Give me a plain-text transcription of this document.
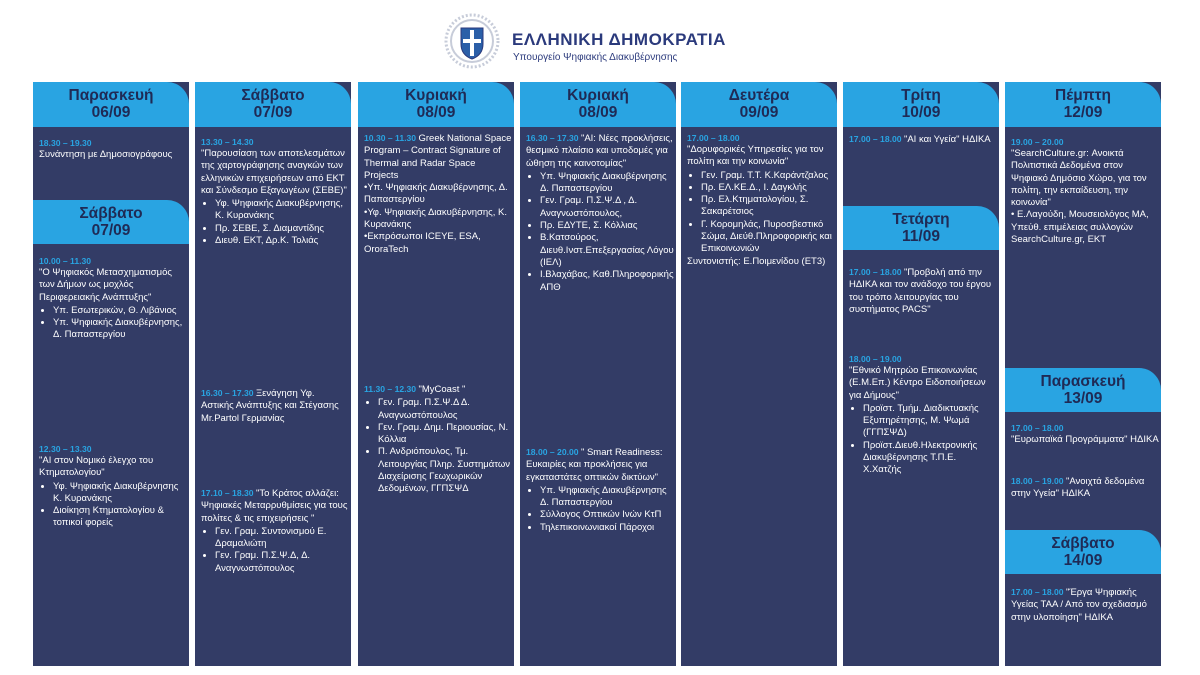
ΕΛΛΗΝΙΚΗ ΔΗΜΟΚΡΑΤΙΑ
Υπουργείο Ψηφιακής Διακυβέρνησης
Παρασκευή
06/09
18.30 – 19.30
Συνάντηση με Δημοσιογράφους
Σάββατο
07/09
10.00 – 11.30
"Ο Ψηφιακός Μετασχηματισμός των Δήμων ως μοχλός Περιφερειακής Ανάπτυξης"
• Υπ. Εσωτερικών, Θ. Λιβάνιος
• Υπ. Ψηφιακής Διακυβέρνησης, Δ. Παπαστεργίου
12.30 – 13.30
"AI στον Νομικό έλεγχο του Κτηματολογίου"
• Υφ. Ψηφιακής Διακυβέρνησης Κ. Κυρανάκης
• Διοίκηση Κτηματολογίου & τοπικοί φορείς
Σάββατο
07/09
13.30 – 14.30
"Παρουσίαση των αποτελεσμάτων της χαρτογράφησης αναγκών των ελληνικών επιχειρήσεων από ΕΚΤ και Σύνδεσμο Εξαγωγέων (ΣΕΒΕ)"
• Υφ. Ψηφιακής Διακυβέρνησης, Κ. Κυρανάκης
• Πρ. ΣΕΒΕ, Σ. Διαμαντίδης
• Διευθ. ΕΚΤ, Δρ.Κ. Τολιάς
16.30 – 17.30 Ξενάγηση Υφ. Αστικής Ανάπτυξης και Στέγασης Mr.Partol Γερμανίας
17.10 – 18.30 "Το Κράτος αλλάζει: Ψηφιακές Μεταρρυθμίσεις για τους πολίτες & τις επιχειρήσεις "
• Γεν. Γραμ. Συντονισμού Ε. Δραμαλιώτη
• Γεν. Γραμ. Π.Σ.Ψ.Δ, Δ. Αναγνωστόπουλος
Κυριακή
08/09
10.30 – 11.30 Greek National Space Program – Contract Signature of Thermal and Radar Space Projects
•Υπ. Ψηφιακής Διακυβέρνησης, Δ. Παπαστεργίου
•Υφ. Ψηφιακής Διακυβέρνησης, Κ. Κυρανάκης
•Εκπρόσωποι ICEYE, ESA, OroraTech
11.30 – 12.30 "MyCoast "
• Γεν. Γραμ. Π.Σ.Ψ.Δ Δ. Αναγνωστόπουλος
• Γεν. Γραμ. Δημ. Περιουσίας, Ν. Κόλλια
• Π. Ανδριόπουλος, Τμ. Λειτουργίας Πληρ. Συστημάτων Διαχείρισης Γεωχωρικών Δεδομένων, ΓΓΠΣΨΔ
Κυριακή
08/09
16.30 – 17.30 "AI: Νέες προκλήσεις, θεσμικό πλαίσιο και υποδομές για ώθηση της καινοτομίας"
• Υπ. Ψηφιακής Διακυβέρνησης Δ. Παπαστεργίου
• Γεν. Γραμ. Π.Σ.Ψ.Δ , Δ. Αναγνωστόπουλος,
• Πρ. ΕΔΥΤΕ, Σ. Κόλλιας
• Β.Κατσούρος, Διευθ.Ινστ.Επεξεργασίας Λόγου (ΙΕΛ)
• Ι.Βλαχάβας, Καθ.Πληροφορικής ΑΠΘ
18.00 – 20.00 " Smart Readiness: Ευκαιρίες και προκλήσεις για εγκαταστάτες οπτικών δικτύων"
• Υπ. Ψηφιακής Διακυβέρνησης Δ. Παπαστεργίου
• Σύλλογος Οπτικών Ινών ΚτΠ
• Τηλεπικοινωνιακοί Πάροχοι
Δευτέρα
09/09
17.00 – 18.00
"Δορυφορικές Υπηρεσίες για τον πολίτη και την κοινωνία"
• Γεν. Γραμ. Τ.Τ. Κ.Καράντζαλος
• Πρ. ΕΛ.ΚΕ.Δ., Ι. Δαγκλής
• Πρ. Ελ.Κτηματολογίου, Σ. Σακαρέτσιος
• Γ. Κορομηλάς, Πυροσβεστικό Σώμα, Διεύθ.Πληροφορικής και Επικοινωνιών
Συντονιστής: Ε.Ποιμενίδου (ΕΤ3)
Τρίτη
10/09
17.00 – 18.00 "AI και Υγεία" ΗΔΙΚΑ
Τετάρτη
11/09
17.00 – 18.00 "Προβολή από την ΗΔΙΚΑ και τον ανάδοχο του έργου του τρόπο λειτουργίας του συστήματος PACS"
18.00 – 19.00
"Εθνικό Μητρώο Επικοινωνίας (Ε.Μ.Επ.) Κέντρο Ειδοποιήσεων για Δήμους"
• Προϊστ. Τμήμ. Διαδικτυακής Εξυπηρέτησης, Μ. Ψωμά (ΓΓΠΣΨΔ)
• Προϊστ.Διευθ.Ηλεκτρονικής Διακυβέρνησης Τ.Π.Ε. Χ.Χατζής
Πέμπτη
12/09
19.00 – 20.00
"SearchCulture.gr: Ανοικτά Πολιτιστικά Δεδομένα στον Ψηφιακό Δημόσιο Χώρο, για τον πολίτη, την εκπαίδευση, την κοινωνία"
• Ε.Λαγούδη, Μουσειολόγος ΜΑ, Υπεύθ. επιμέλειας συλλογών SearchCulture.gr, ΕΚΤ
Παρασκευή
13/09
17.00 – 18.00
"Ευρωπαϊκά Προγράμματα" ΗΔΙΚΑ
18.00 – 19.00 "Ανοιχτά δεδομένα στην Υγεία" ΗΔΙΚΑ
Σάββατο
14/09
17.00 – 18.00 "Έργα Ψηφιακής Υγείας ΤΑΑ / Από τον σχεδιασμό στην υλοποίηση" ΗΔΙΚΑ
